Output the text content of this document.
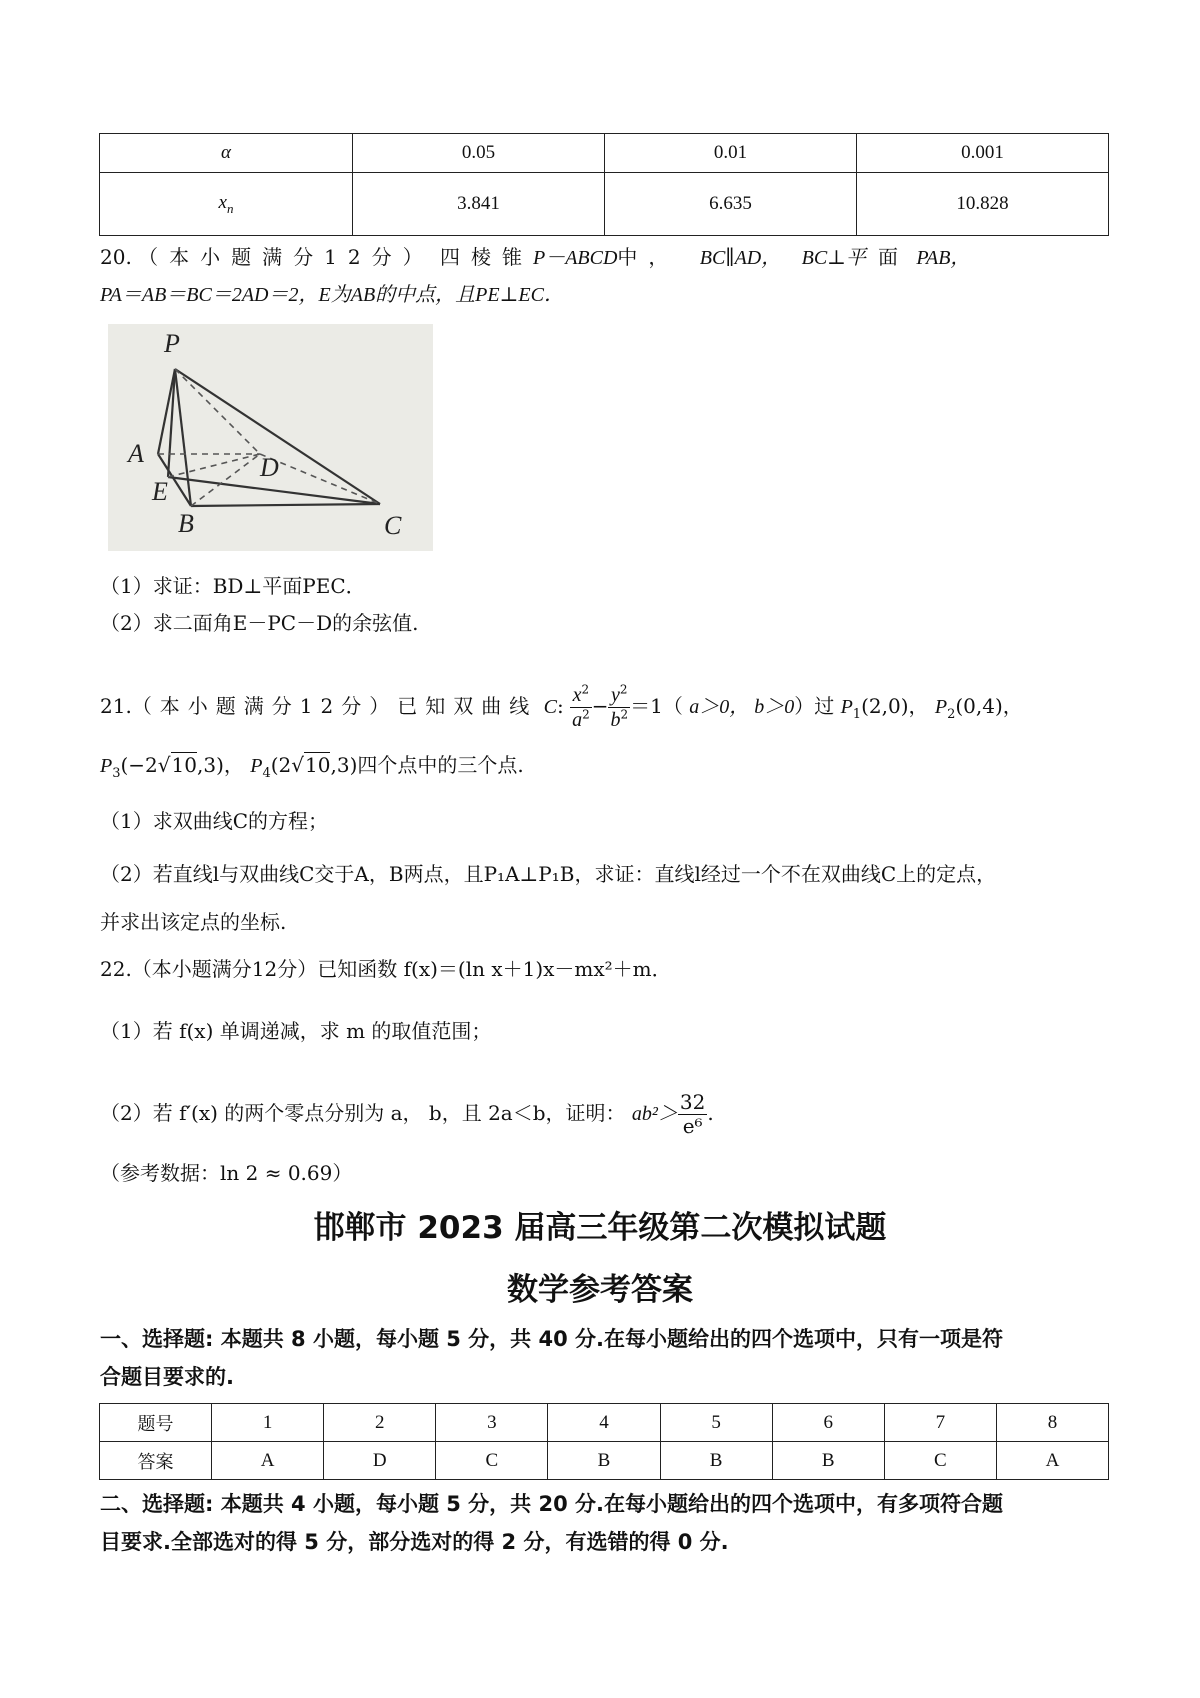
α	0.05	0.01	0.001
$x_n$	3.841	6.635	10.828
20. （本小题满分12分） 四棱锥P－ABCD中， BC∥AD， BC⊥平 面 PAB，
PA＝AB＝BC＝2AD＝2，E为AB的中点，且PE⊥EC．
P
A	D
E
B	C
（1）求证：BD⊥平面PEC．
（2）求二面角E－PC－D的余弦值.
21.（本小题满分12分）已知双曲线 C: $\frac{x^2}{a^2} - \frac{y^2}{b^2} =1$（ a＞0， b＞0）过 $P_1(2,0)$， $P_2(0,4)$，
$P_3(-2√10,3)$， $P_4(2√10,3)$四个点中的三个点.
（1）求双曲线C的方程；
（2）若直线l与双曲线C交于A，B两点，且P₁A⊥P₁B，求证：直线l经过一个不在双曲线C上的定点，
并求出该定点的坐标.
22.（本小题满分12分）已知函数 f(x)＝(ln x＋1)x－mx²＋m．
（1）若 f(x) 单调递减，求 m 的取值范围；
（2）若 f′(x) 的两个零点分别为 a， b，且 2a＜b，证明： $ab^2> \frac{32}{\text{e⁶}}$ .
（参考数据：ln 2 ≈ 0.69）
邯郸市 2023 届高三年级第二次模拟试题
数学参考答案
一、选择题: 本题共 8 小题，每小题 5 分，共 40 分.在每小题给出的四个选项中，只有一项是符
合题目要求的.
题号	1	2	3	4	5	6	7	8
答案	A	D	C	B	B	B	C	A
二、选择题: 本题共 4 小题，每小题 5 分，共 20 分.在每小题给出的四个选项中，有多项符合题
目要求.全部选对的得 5 分，部分选对的得 2 分，有选错的得 0 分.
